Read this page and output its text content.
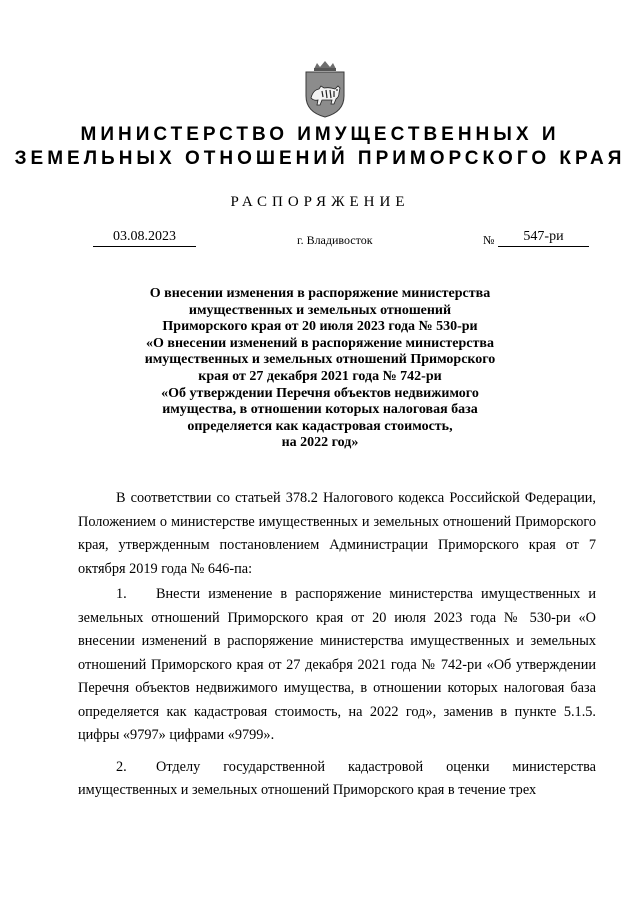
МИНИСТЕРСТВО ИМУЩЕСТВЕННЫХ И
ЗЕМЕЛЬНЫХ ОТНОШЕНИЙ ПРИМОРСКОГО КРАЯ
РАСПОРЯЖЕНИЕ
03.08.2023	г. Владивосток	№	547-ри
О внесении изменения в распоряжение министерства
имущественных и земельных отношений
Приморского края от 20 июля 2023 года № 530-ри
«О внесении изменений в распоряжение министерства
имущественных и земельных отношений Приморского
края от 27 декабря 2021 года № 742-ри
«Об утверждении Перечня объектов недвижимого
имущества, в отношении которых налоговая база
определяется как кадастровая стоимость,
на 2022 год»

В соответствии со статьей 378.2 Налогового кодекса Российской Федерации, Положением о министерстве имущественных и земельных отношений Приморского края, утвержденным постановлением Администрации Приморского края от 7 октября 2019 года № 646-па:

1. Внести изменение в распоряжение министерства имущественных и земельных отношений Приморского края от 20 июля 2023 года № 530-ри «О внесении изменений в распоряжение министерства имущественных и земельных отношений Приморского края от 27 декабря 2021 года № 742-ри «Об утверждении Перечня объектов недвижимого имущества, в отношении которых налоговая база определяется как кадастровая стоимость, на 2022 год», заменив в пункте 5.1.5. цифры «9797» цифрами «9799».

2. Отделу государственной кадастровой оценки министерства имущественных и земельных отношений Приморского края в течение трех
